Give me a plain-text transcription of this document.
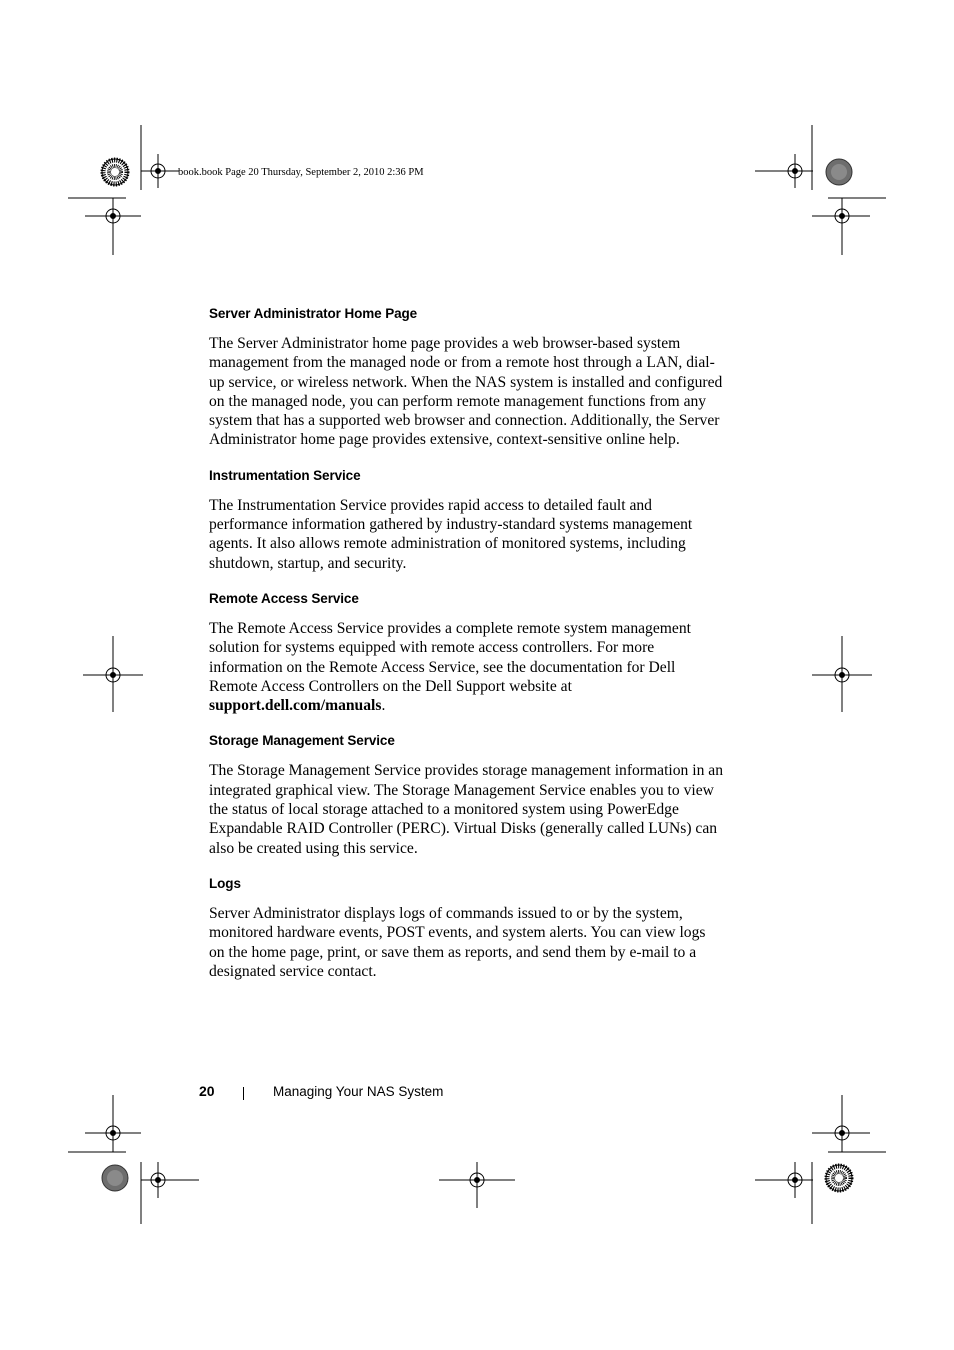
book.book Page 20 Thursday, September 2, 2010 2:36 PM
Server Administrator Home Page

The Server Administrator home page provides a web browser-based system management from the managed node or from a remote host through a LAN, dial-up service, or wireless network. When the NAS system is installed and configured on the managed node, you can perform remote management functions from any system that has a supported web browser and connection. Additionally, the Server Administrator home page provides extensive, context-sensitive online help.

Instrumentation Service

The Instrumentation Service provides rapid access to detailed fault and performance information gathered by industry-standard systems management agents. It also allows remote administration of monitored systems, including shutdown, startup, and security.

Remote Access Service

The Remote Access Service provides a complete remote system management solution for systems equipped with remote access controllers. For more information on the Remote Access Service, see the documentation for Dell Remote Access Controllers on the Dell Support website at support.dell.com/manuals.

Storage Management Service

The Storage Management Service provides storage management information in an integrated graphical view. The Storage Management Service enables you to view the status of local storage attached to a monitored system using PowerEdge Expandable RAID Controller (PERC). Virtual Disks (generally called LUNs) can also be created using this service.

Logs

Server Administrator displays logs of commands issued to or by the system, monitored hardware events, POST events, and system alerts. You can view logs on the home page, print, or save them as reports, and send them by e-mail to a designated service contact.

20	Managing Your NAS System
